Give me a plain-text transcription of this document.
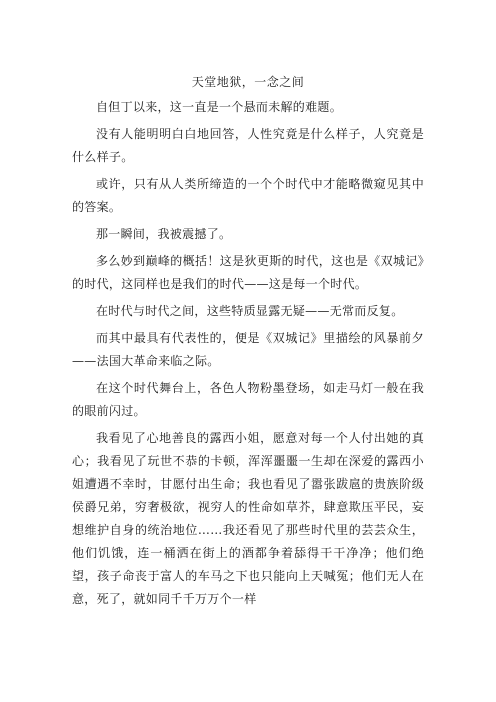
天堂地狱，一念之间

自但丁以来，这一直是一个悬而未解的难题。

没有人能明明白白地回答，人性究竟是什么样子，人究竟是什么样子。

或许，只有从人类所缔造的一个个时代中才能略微窥见其中的答案。

那一瞬间，我被震撼了。

多么妙到巅峰的概括！这是狄更斯的时代，这也是《双城记》的时代，这同样也是我们的时代——这是每一个时代。

在时代与时代之间，这些特质显露无疑——无常而反复。

而其中最具有代表性的，便是《双城记》里描绘的风暴前夕——法国大革命来临之际。

在这个时代舞台上，各色人物粉墨登场，如走马灯一般在我的眼前闪过。

我看见了心地善良的露西小姐，愿意对每一个人付出她的真心；我看见了玩世不恭的卡顿，浑浑噩噩一生却在深爱的露西小姐遭遇不幸时，甘愿付出生命；我也看见了嚣张跋扈的贵族阶级侯爵兄弟，穷奢极欲，视穷人的性命如草芥，肆意欺压平民，妄想维护自身的统治地位……我还看见了那些时代里的芸芸众生，他们饥饿，连一桶洒在街上的酒都争着舔得干干净净；他们绝望，孩子命丧于富人的车马之下也只能向上天喊冤；他们无人在意，死了，就如同千千万万个一样
